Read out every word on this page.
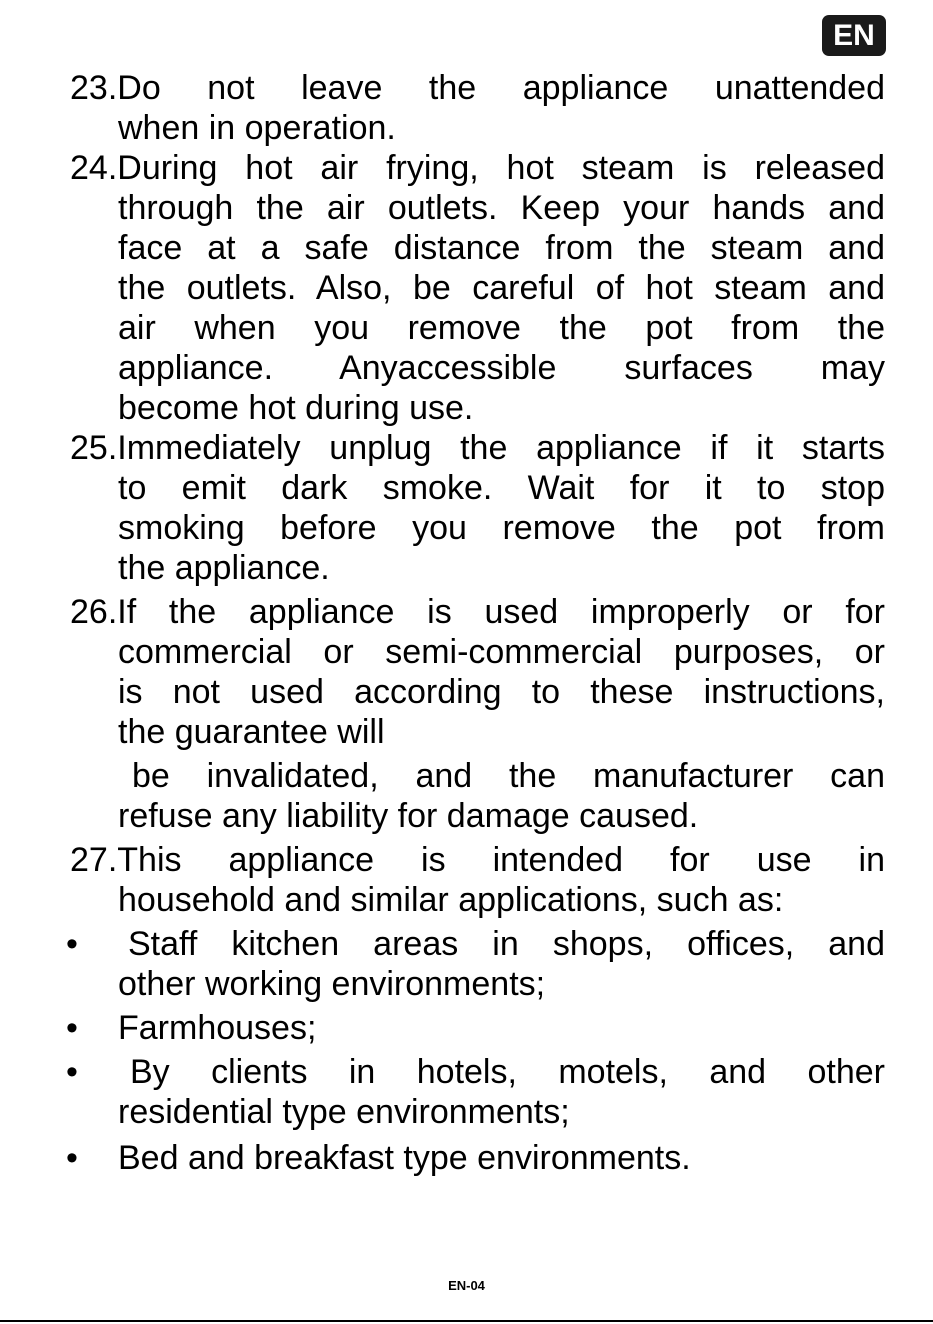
EN
23.Do not leave the appliance unattended
when in operation.
24.During hot air frying, hot steam is released
through the air outlets. Keep your hands and
face at a safe distance from the steam and
the outlets. Also, be careful of hot steam and
air when you remove the pot from the
appliance. Anyaccessible surfaces may
become hot during use.
25.Immediately unplug the appliance if it starts
to emit dark smoke. Wait for it to stop
smoking before you remove the pot from
the appliance.
26.If the appliance is used improperly or for
commercial or semi-commercial purposes, or
is not used according to these instructions,
the guarantee will
be invalidated, and the manufacturer can
refuse any liability for damage caused.
27.This appliance is intended for use in
household and similar applications, such as:
• Staff kitchen areas in shops, offices, and
other working environments;
• Farmhouses;
• By clients in hotels, motels, and other
residential type environments;
• Bed and breakfast type environments.
EN-04
